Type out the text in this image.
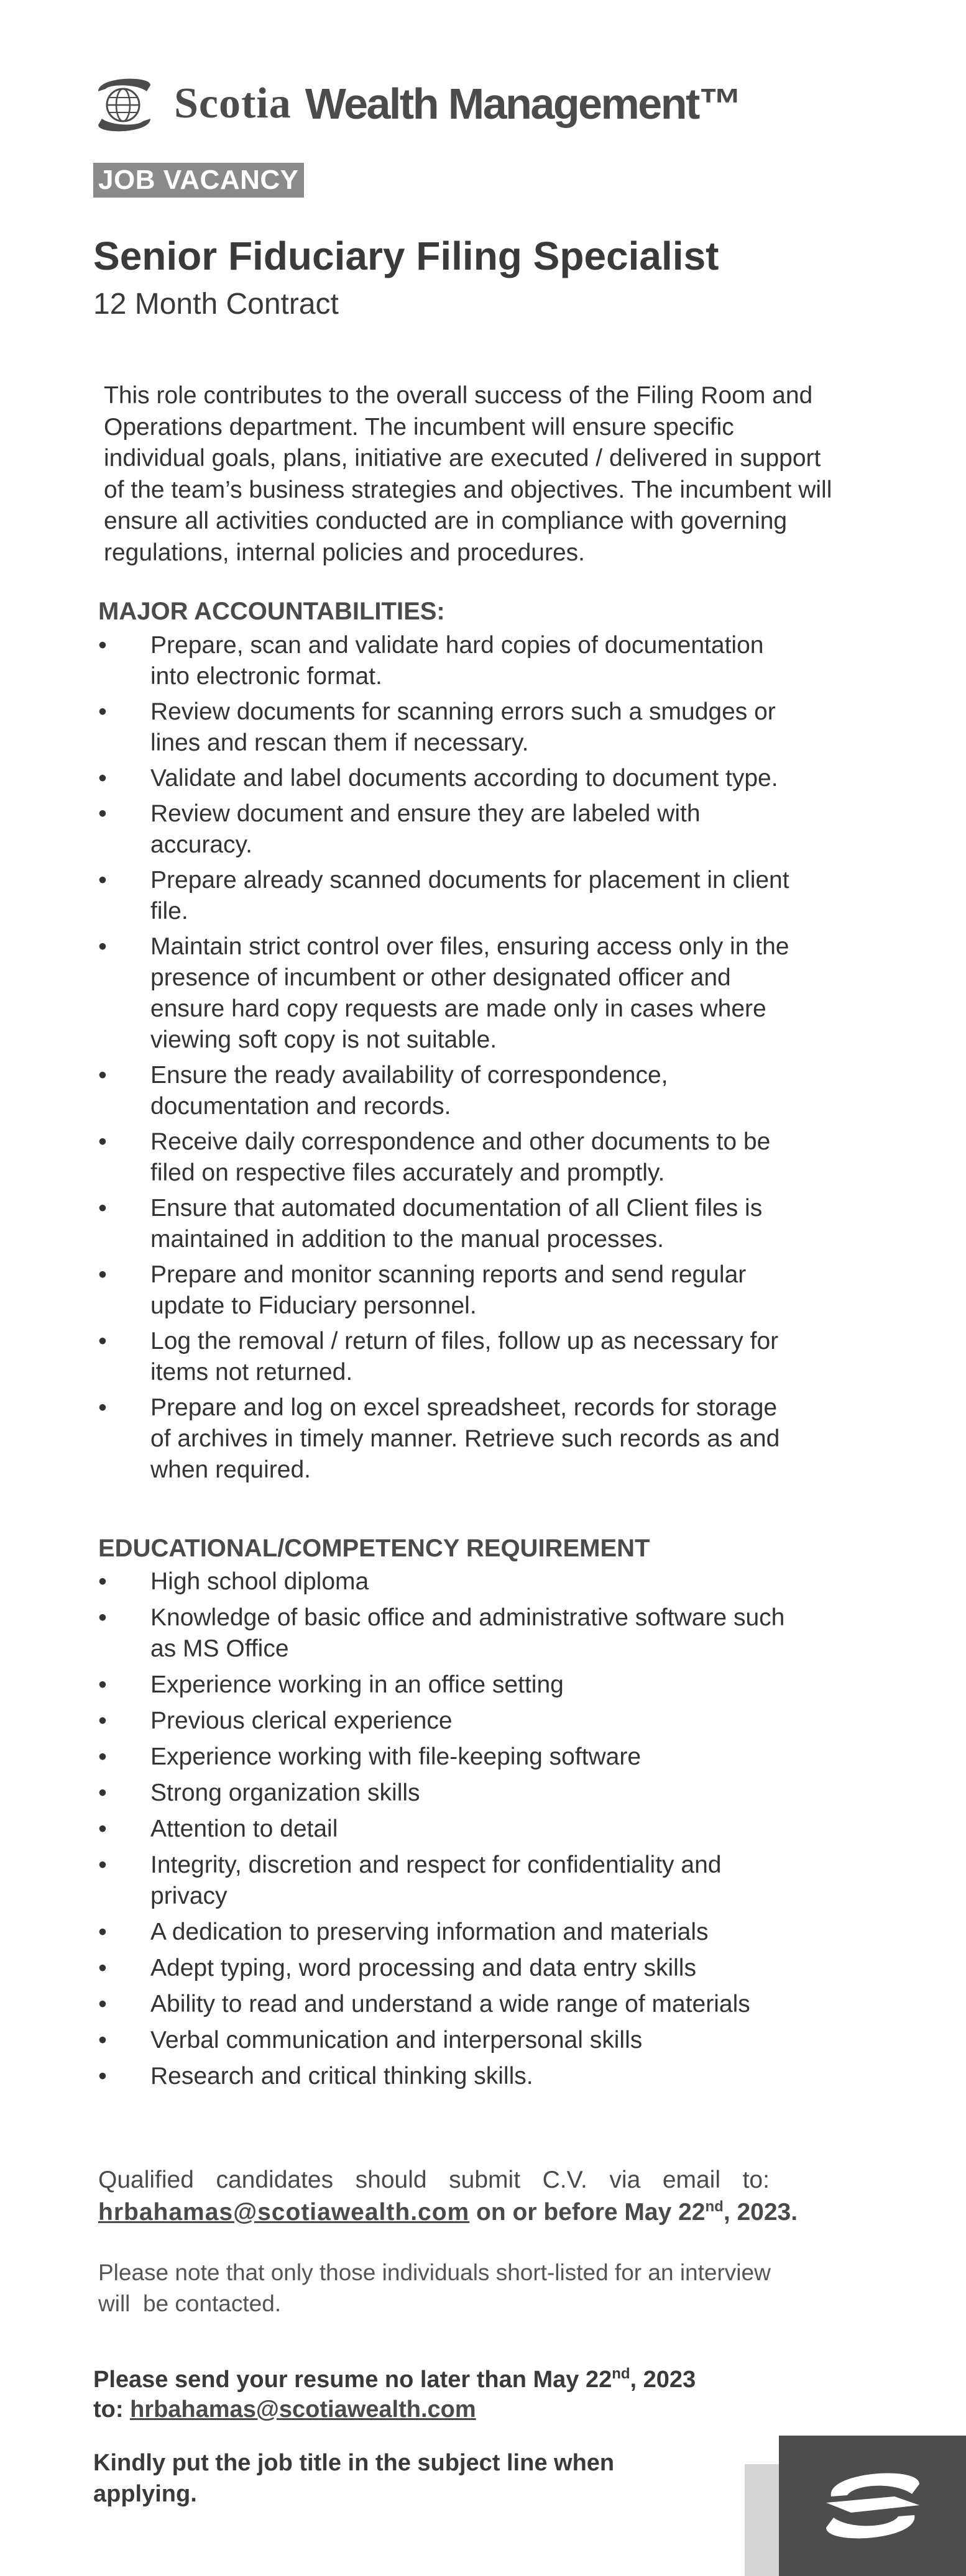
Scotia Wealth Management™
JOB VACANCY
Senior Fiduciary Filing Specialist
12 Month Contract
This role contributes to the overall success of the Filing Room and
Operations department. The incumbent will ensure specific
individual goals, plans, initiative are executed / delivered in support
of the team’s business strategies and objectives. The incumbent will
ensure all activities conducted are in compliance with governing
regulations, internal policies and procedures.
MAJOR ACCOUNTABILITIES:
• Prepare, scan and validate hard copies of documentation
into electronic format.
• Review documents for scanning errors such a smudges or
lines and rescan them if necessary.
• Validate and label documents according to document type.
• Review document and ensure they are labeled with
accuracy.
• Prepare already scanned documents for placement in client
file.
• Maintain strict control over files, ensuring access only in the
presence of incumbent or other designated officer and
ensure hard copy requests are made only in cases where
viewing soft copy is not suitable.
• Ensure the ready availability of correspondence,
documentation and records.
• Receive daily correspondence and other documents to be
filed on respective files accurately and promptly.
• Ensure that automated documentation of all Client files is
maintained in addition to the manual processes.
• Prepare and monitor scanning reports and send regular
update to Fiduciary personnel.
• Log the removal / return of files, follow up as necessary for
items not returned.
• Prepare and log on excel spreadsheet, records for storage
of archives in timely manner. Retrieve such records as and
when required.
EDUCATIONAL/COMPETENCY REQUIREMENT
• High school diploma
• Knowledge of basic office and administrative software such
as MS Office
• Experience working in an office setting
• Previous clerical experience
• Experience working with file-keeping software
• Strong organization skills
• Attention to detail
• Integrity, discretion and respect for confidentiality and
privacy
• A dedication to preserving information and materials
• Adept typing, word processing and data entry skills
• Ability to read and understand a wide range of materials
• Verbal communication and interpersonal skills
• Research and critical thinking skills.
Qualified candidates should submit C.V. via email to:
hrbahamas@scotiawealth.com on or before May 22nd, 2023.
Please note that only those individuals short-listed for an interview
will  be contacted.
Please send your resume no later than May 22nd, 2023
to: hrbahamas@scotiawealth.com
Kindly put the job title in the subject line when
applying.
